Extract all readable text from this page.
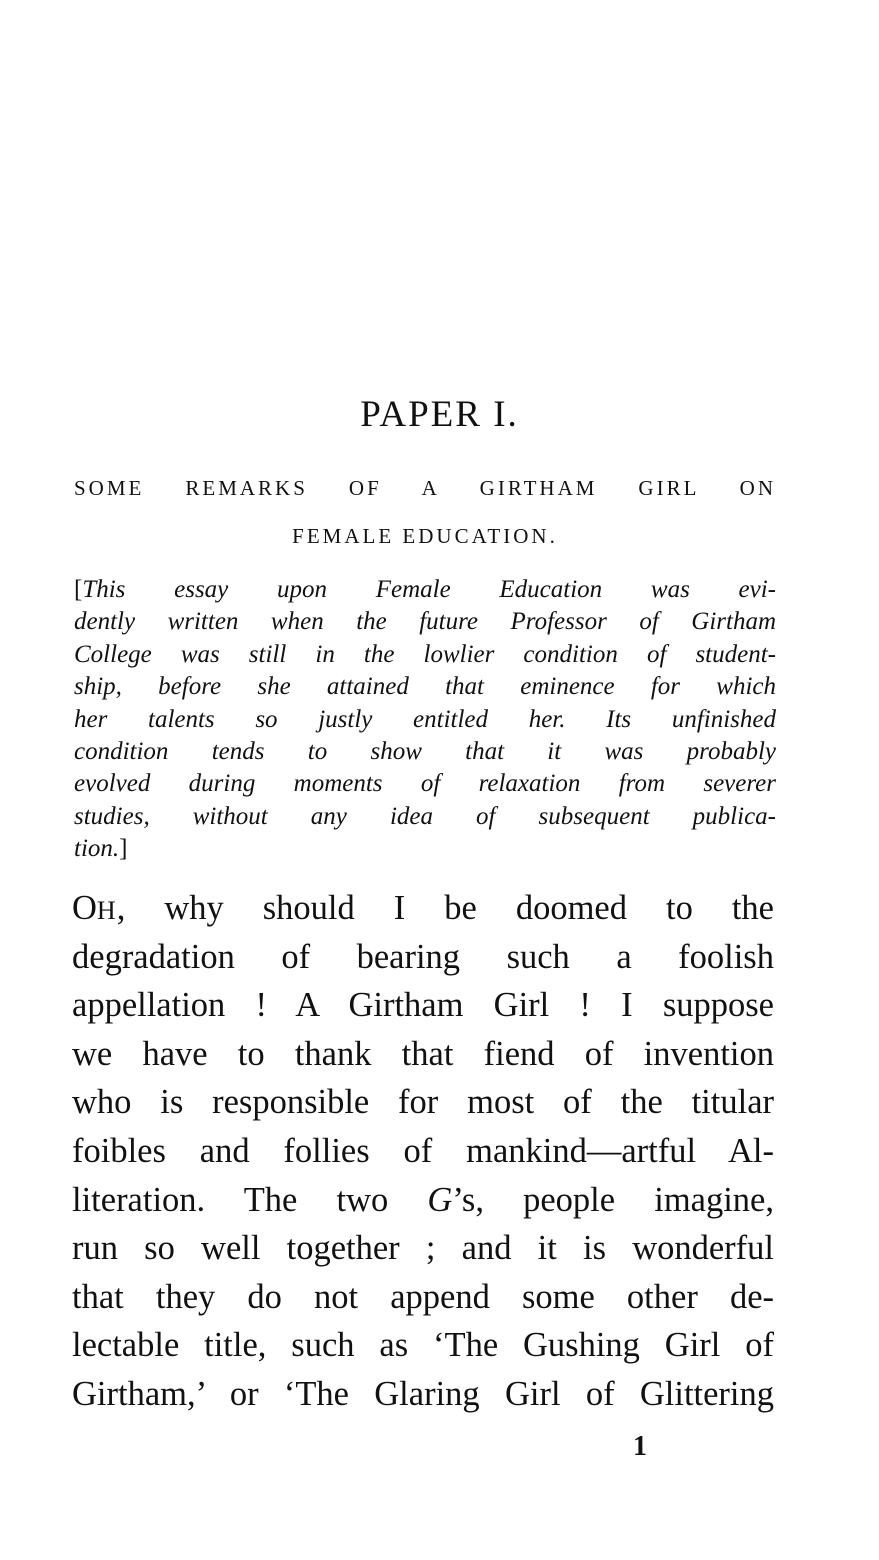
PAPER I.
SOME REMARKS OF A GIRTHAM GIRL ON
FEMALE EDUCATION.
[This essay upon Female Education was evi-
dently written when the future Professor of Girtham
College was still in the lowlier condition of student-
ship, before she attained that eminence for which
her talents so justly entitled her. Its unfinished
condition tends to show that it was probably
evolved during moments of relaxation from severer
studies, without any idea of subsequent publica-
tion.]
OH, why should I be doomed to the
degradation of bearing such a foolish
appellation ! A Girtham Girl ! I suppose
we have to thank that fiend of invention
who is responsible for most of the titular
foibles and follies of mankind—artful Al-
literation. The two G’s, people imagine,
run so well together ; and it is wonderful
that they do not append some other de-
lectable title, such as ‘The Gushing Girl of
Girtham,’ or ‘The Glaring Girl of Glittering
1
